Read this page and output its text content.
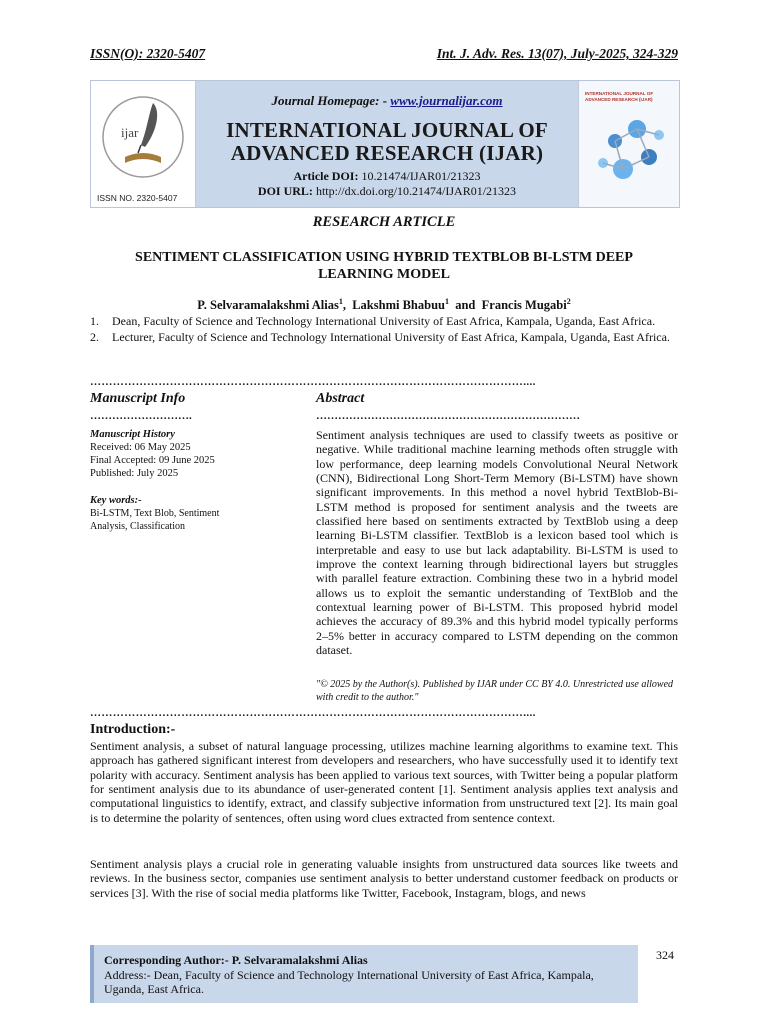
ISSN(O): 2320-5407	Int. J. Adv. Res. 13(07), July-2025, 324-329
ijar
ISSN NO. 2320-5407
Journal Homepage: - www.journalijar.com
INTERNATIONAL JOURNAL OF
ADVANCED RESEARCH (IJAR)
Article DOI: 10.21474/IJAR01/21323
DOI URL: http://dx.doi.org/10.21474/IJAR01/21323
INTERNATIONAL JOURNAL OF
ADVANCED RESEARCH (IJAR)
RESEARCH ARTICLE
SENTIMENT CLASSIFICATION USING HYBRID TEXTBLOB BI-LSTM DEEP
LEARNING MODEL
P. Selvaramalakshmi Alias$^1$,  Lakshmi Bhabuu$^1$ and Francis Mugabi$^2$
1.	Dean, Faculty of Science and Technology International University of East Africa, Kampala, Uganda, East Africa.
2.	Lecturer, Faculty of Science and Technology International University of East Africa, Kampala, Uganda, East Africa.
……………………………………………………………………………………………………....
Manuscript Info	Abstract
……………………….	………………………………………………………………
Manuscript History
Received: 06 May 2025
Final Accepted: 09 June 2025
Published: July 2025
Key words:-
Bi-LSTM, Text Blob, Sentiment Analysis, Classification
Sentiment analysis techniques are used to classify tweets as positive or negative. While traditional machine learning methods often struggle with low performance, deep learning models Convolutional Neural Network (CNN), Bidirectional Long Short-Term Memory (Bi-LSTM) have shown significant improvements. In this method a novel hybrid TextBlob-Bi-LSTM method is proposed for sentiment analysis and the tweets are classified here based on sentiments extracted by TextBlob using a deep learning Bi-LSTM classifier. TextBlob is a lexicon based tool which is interpretable and easy to use but lack adaptability. Bi-LSTM is used to improve the context learning through bidirectional layers but struggles with parallel feature extraction. Combining these two in a hybrid model allows us to exploit the semantic understanding of TextBlob and the contextual learning power of Bi-LSTM. This proposed hybrid model achieves the accuracy of 89.3% and this hybrid model typically performs 2–5% better in accuracy compared to LSTM depending on the common dataset.
"© 2025 by the Author(s). Published by IJAR under CC BY 4.0. Unrestricted use allowed with credit to the author."
……………………………………………………………………………………………………....
Introduction:-
Sentiment analysis, a subset of natural language processing, utilizes machine learning algorithms to examine text. This approach has gathered significant interest from developers and researchers, who have successfully used it to identify text polarity with accuracy. Sentiment analysis has been applied to various text sources, with Twitter being a popular platform for sentiment analysis due to its abundance of user-generated content [1]. Sentiment analysis applies text analysis and computational linguistics to identify, extract, and classify subjective information from unstructured text [2]. Its main goal is to determine the polarity of sentences, often using word clues extracted from sentence context.
Sentiment analysis plays a crucial role in generating valuable insights from unstructured data sources like tweets and reviews. In the business sector, companies use sentiment analysis to better understand customer feedback on products or services [3]. With the rise of social media platforms like Twitter, Facebook, Instagram, blogs, and news
Corresponding Author:- P. Selvaramalakshmi Alias
Address:- Dean, Faculty of Science and Technology International University of East Africa, Kampala, Uganda, East Africa.
324
